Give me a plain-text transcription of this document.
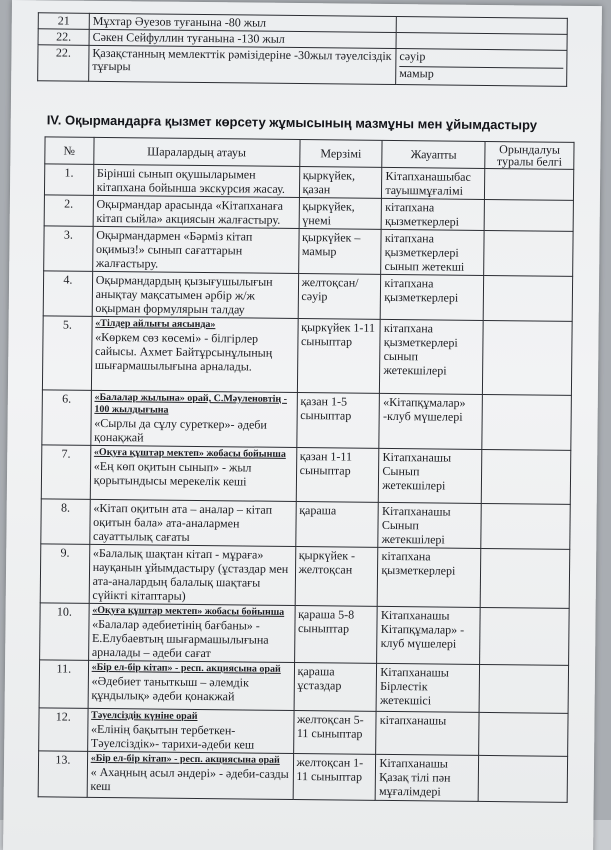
21	Мұхтар Әуезов туғанына -80 жыл	
22.	Сәкен Сейфуллин туғанына -130 жыл	
22.	Қазақстанның мемлекттік рәмізідеріне -30жыл тәуелсіздік тұғыры	сәуір
мамыр
IV. Оқырмандарға қызмет көрсету жұмысының мазмұны мен ұйымдастыру
№	Шаралардың атауы	Мерзімі	Жауапты	Орындалуы туралы белгі
1.	Бірінші сынып оқушыларымен кітапхана бойынша экскурсия жасау.	қыркүйек, қазан	Кітапханашыбас тауышмұғалімі	
2.	Оқырмандар арасында «Кітапханаға кітап сыйла» акциясын жалғастыру.	қыркүйек, үнемі	кітапхана қызметкерлері	
3.	Оқырмандармен «Бәрміз кітап оқимыз!» сынып сағаттарын жалғастыру.	қыркүйек – мамыр	кітапхана қызметкерлері сынып жетекші	
4.	Оқырмандардың қызығушылығын анықтау мақсатымен әрбір ж/ж оқырман формулярын талдау	желтоқсан/ сәуір	кітапхана қызметкерлері	
5.	«Тілдер айлығы аясында»
«Көркем сөз көсемі» - білгірлер сайысы. Ахмет Байтұрсынұлының шығармашылығына арналады.	қыркүйек 1-11 сыныптар	кітапхана қызметкерлері сынып жетекшілері	
6.	«Балалар жылына» орай, С.Мәуленовтің - 100 жылдығына
«Сырлы да сұлу суреткер»- әдеби қонақжай	қазан 1-5 сыныптар	«Кітапқұмалар» -клуб мүшелері	
7.	«Оқуға құштар мектеп» жобасы бойынша
«Ең көп оқитын сынып» - жыл қорытындысы мерекелік кеші	қазан 1-11 сыныптар	Кітапханашы Сынып жетекшілері	
8.	«Кітап оқитын ата – аналар – кітап оқитын бала» ата-аналармен сауаттылық сағаты	қараша	Кітапханашы Сынып жетекшілері	
9.	«Балалық шақтан кітап - мұраға» науқанын ұйымдастыру (ұстаздар мен ата-аналардың балалық шақтағы сүйікті кітаптары)	қыркүйек - желтоқсан	кітапхана қызметкерлері	
10.	«Оқуға құштар мектеп» жобасы бойынша
«Балалар әдебиетінің бағбаны» - Е.Елубаевтың шығармашылығына арналады – әдеби сағат	қараша 5-8 сыныптар	Кітапханашы Кітапқұмалар» - клуб мүшелері	
11.	«Бір ел-бір кітап» - респ. акциясына орай
«Әдебиет таныткыш – әлемдік құндылық» әдеби қонакжай	қараша ұстаздар	Кітапханашы Бірлестік жетекшісі	
12.	Тәуелсіздік күніне орай
«Елінің бақытын тербеткен- Тәуелсіздік»- тарихи-әдеби кеш	желтоқсан 5-11 сыныптар	кітапханашы	
13.	«Бір ел-бір кітап» - респ. акциясына орай
« Ахаңның асыл әндері» - әдеби-сазды кеш	желтоқсан 1-11 сыныптар	Кітапханашы Қазақ тілі пән мұғалімдері	
